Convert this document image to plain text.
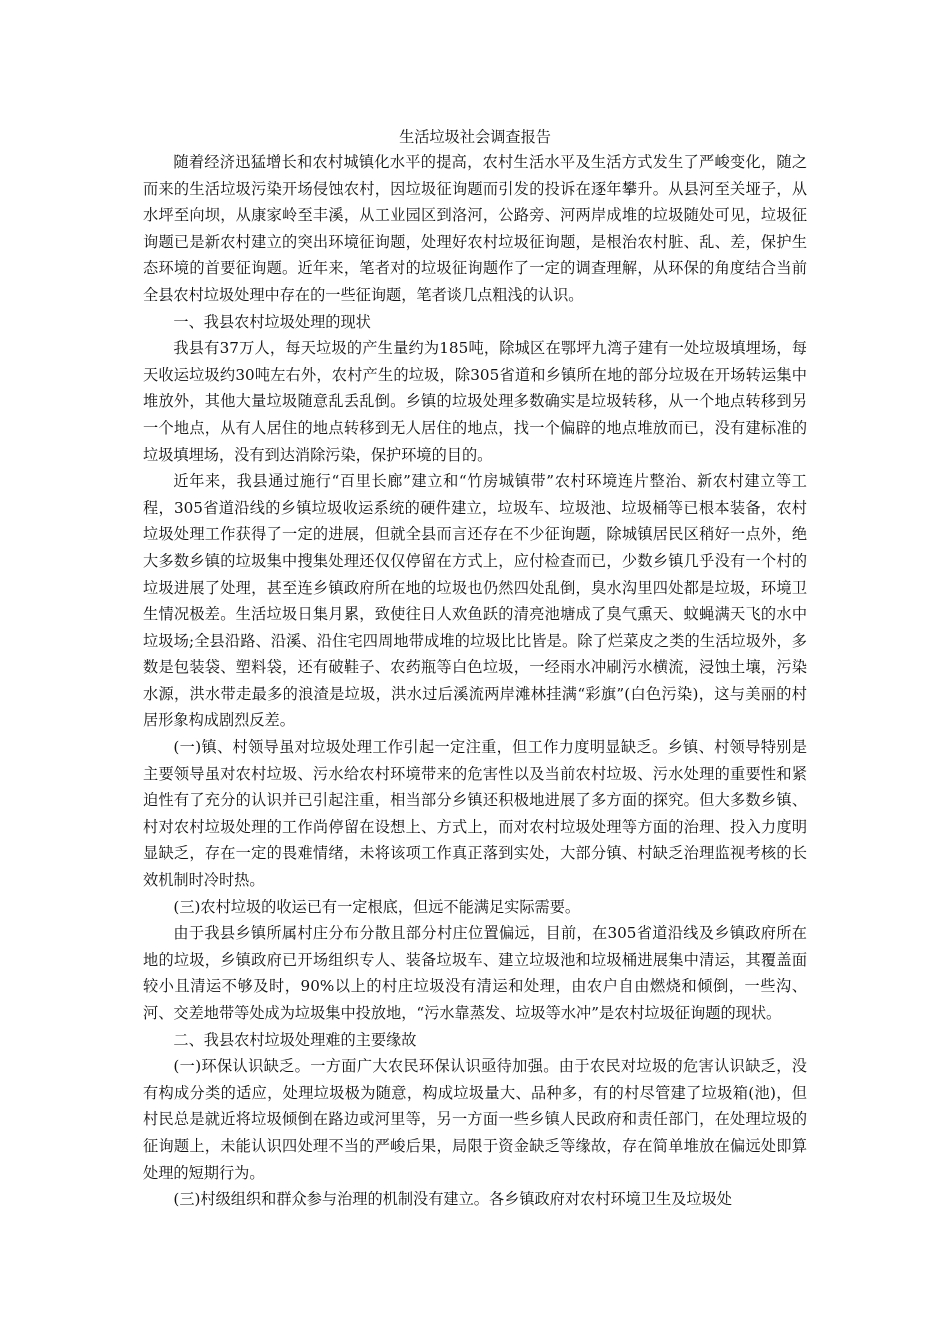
生活垃圾社会调查报告

随着经济迅猛增长和农村城镇化水平的提高，农村生活水平及生活方式发生了严峻变化，随之而来的生活垃圾污染开场侵蚀农村，因垃圾征询题而引发的投诉在逐年攀升。从县河至关垭子，从水坪至向坝，从康家岭至丰溪，从工业园区到洛河，公路旁、河两岸成堆的垃圾随处可见，垃圾征询题已是新农村建立的突出环境征询题，处理好农村垃圾征询题，是根治农村脏、乱、差，保护生态环境的首要征询题。近年来，笔者对的垃圾征询题作了一定的调查理解，从环保的角度结合当前全县农村垃圾处理中存在的一些征询题，笔者谈几点粗浅的认识。

一、我县农村垃圾处理的现状

我县有37万人，每天垃圾的产生量约为185吨，除城区在鄂坪九湾子建有一处垃圾填埋场，每天收运垃圾约30吨左右外，农村产生的垃圾，除305省道和乡镇所在地的部分垃圾在开场转运集中堆放外，其他大量垃圾随意乱丢乱倒。乡镇的垃圾处理多数确实是垃圾转移，从一个地点转移到另一个地点，从有人居住的地点转移到无人居住的地点，找一个偏辟的地点堆放而已，没有建标准的垃圾填埋场，没有到达消除污染，保护环境的目的。

近年来，我县通过施行“百里长廊”建立和“竹房城镇带”农村环境连片整治、新农村建立等工程，305省道沿线的乡镇垃圾收运系统的硬件建立，垃圾车、垃圾池、垃圾桶等已根本装备，农村垃圾处理工作获得了一定的进展，但就全县而言还存在不少征询题，除城镇居民区稍好一点外，绝大多数乡镇的垃圾集中搜集处理还仅仅停留在方式上，应付检查而已，少数乡镇几乎没有一个村的垃圾进展了处理，甚至连乡镇政府所在地的垃圾也仍然四处乱倒，臭水沟里四处都是垃圾，环境卫生情况极差。生活垃圾日集月累，致使往日人欢鱼跃的清亮池塘成了臭气熏天、蚊蝇满天飞的水中垃圾场;全县沿路、沿溪、沿住宅四周地带成堆的垃圾比比皆是。除了烂菜皮之类的生活垃圾外，多数是包装袋、塑料袋，还有破鞋子、农药瓶等白色垃圾，一经雨水冲刷污水横流，浸蚀土壤，污染水源，洪水带走最多的浪渣是垃圾，洪水过后溪流两岸滩林挂满“彩旗”(白色污染)，这与美丽的村居形象构成剧烈反差。

(一)镇、村领导虽对垃圾处理工作引起一定注重，但工作力度明显缺乏。乡镇、村领导特别是主要领导虽对农村垃圾、污水给农村环境带来的危害性以及当前农村垃圾、污水处理的重要性和紧迫性有了充分的认识并已引起注重，相当部分乡镇还积极地进展了多方面的探究。但大多数乡镇、村对农村垃圾处理的工作尚停留在设想上、方式上，而对农村垃圾处理等方面的治理、投入力度明显缺乏，存在一定的畏难情绪，未将该项工作真正落到实处，大部分镇、村缺乏治理监视考核的长效机制时冷时热。

(三)农村垃圾的收运已有一定根底，但远不能满足实际需要。

由于我县乡镇所属村庄分布分散且部分村庄位置偏远，目前，在305省道沿线及乡镇政府所在地的垃圾，乡镇政府已开场组织专人、装备垃圾车、建立垃圾池和垃圾桶进展集中清运，其覆盖面较小且清运不够及时，90%以上的村庄垃圾没有清运和处理，由农户自由燃烧和倾倒，一些沟、河、交差地带等处成为垃圾集中投放地，“污水靠蒸发、垃圾等水冲”是农村垃圾征询题的现状。

二、我县农村垃圾处理难的主要缘故

(一)环保认识缺乏。一方面广大农民环保认识亟待加强。由于农民对垃圾的危害认识缺乏，没有构成分类的适应，处理垃圾极为随意，构成垃圾量大、品种多，有的村尽管建了垃圾箱(池)，但村民总是就近将垃圾倾倒在路边或河里等，另一方面一些乡镇人民政府和责任部门，在处理垃圾的征询题上，未能认识四处理不当的严峻后果，局限于资金缺乏等缘故，存在简单堆放在偏远处即算处理的短期行为。

(三)村级组织和群众参与治理的机制没有建立。各乡镇政府对农村环境卫生及垃圾处
